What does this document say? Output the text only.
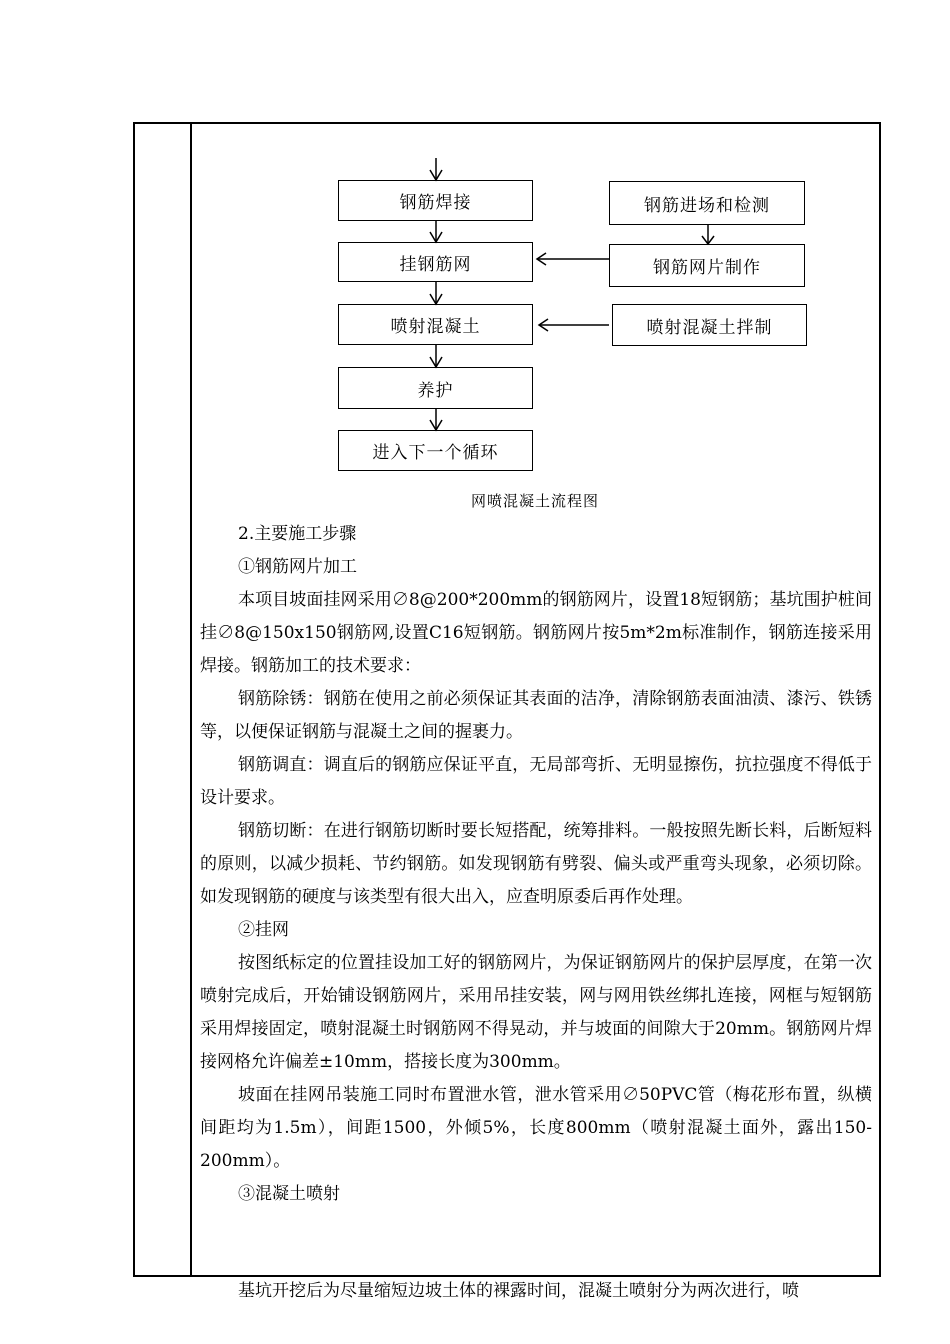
钢筋焊接
挂钢筋网
喷射混凝土
养护
进入下一个循环
钢筋进场和检测
钢筋网片制作
喷射混凝土拌制
网喷混凝土流程图

2.主要施工步骤

①钢筋网片加工

本项目坡面挂网采用∅8@200*200mm的钢筋网片，设置18短钢筋；基坑围护桩间挂∅8@150x150钢筋网,设置C16短钢筋。钢筋网片按5m*2m标准制作，钢筋连接采用焊接。钢筋加工的技术要求：

钢筋除锈：钢筋在使用之前必须保证其表面的洁净，清除钢筋表面油渍、漆污、铁锈等，以便保证钢筋与混凝土之间的握裹力。

钢筋调直：调直后的钢筋应保证平直，无局部弯折、无明显擦伤，抗拉强度不得低于设计要求。

钢筋切断：在进行钢筋切断时要长短搭配，统筹排料。一般按照先断长料，后断短料的原则，以减少损耗、节约钢筋。如发现钢筋有劈裂、偏头或严重弯头现象，必须切除。如发现钢筋的硬度与该类型有很大出入，应查明原委后再作处理。

②挂网

按图纸标定的位置挂设加工好的钢筋网片，为保证钢筋网片的保护层厚度，在第一次喷射完成后，开始铺设钢筋网片，采用吊挂安装，网与网用铁丝绑扎连接，网框与短钢筋采用焊接固定，喷射混凝土时钢筋网不得晃动，并与坡面的间隙大于20mm。钢筋网片焊接网格允许偏差±10mm，搭接长度为300mm。

坡面在挂网吊装施工同时布置泄水管，泄水管采用∅50PVC管（梅花形布置，纵横间距均为1.5m），间距1500，外倾5%，长度800mm（喷射混凝土面外，露出150-200mm）。

③混凝土喷射

基坑开挖后为尽量缩短边坡土体的裸露时间，混凝土喷射分为两次进行，喷
